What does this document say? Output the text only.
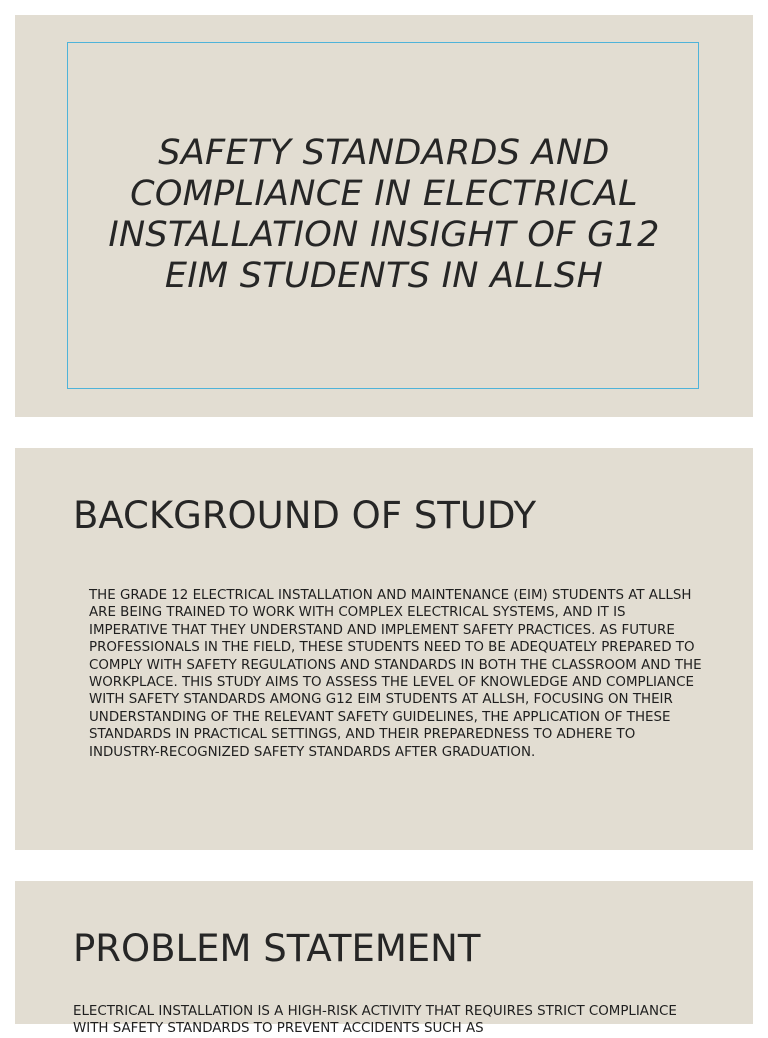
SAFETY STANDARDS AND COMPLIANCE IN ELECTRICAL INSTALLATION INSIGHT OF G12 EIM STUDENTS IN ALLSH
BACKGROUND OF STUDY

THE GRADE 12 ELECTRICAL INSTALLATION AND MAINTENANCE (EIM) STUDENTS AT ALLSH ARE BEING TRAINED TO WORK WITH COMPLEX ELECTRICAL SYSTEMS, AND IT IS IMPERATIVE THAT THEY UNDERSTAND AND IMPLEMENT SAFETY PRACTICES. AS FUTURE PROFESSIONALS IN THE FIELD, THESE STUDENTS NEED TO BE ADEQUATELY PREPARED TO COMPLY WITH SAFETY REGULATIONS AND STANDARDS IN BOTH THE CLASSROOM AND THE WORKPLACE. THIS STUDY AIMS TO ASSESS THE LEVEL OF KNOWLEDGE AND COMPLIANCE WITH SAFETY STANDARDS AMONG G12 EIM STUDENTS AT ALLSH, FOCUSING ON THEIR UNDERSTANDING OF THE RELEVANT SAFETY GUIDELINES, THE APPLICATION OF THESE STANDARDS IN PRACTICAL SETTINGS, AND THEIR PREPAREDNESS TO ADHERE TO INDUSTRY-RECOGNIZED SAFETY STANDARDS AFTER GRADUATION.

PROBLEM STATEMENT

ELECTRICAL INSTALLATION IS A HIGH-RISK ACTIVITY THAT REQUIRES STRICT COMPLIANCE WITH SAFETY STANDARDS TO PREVENT ACCIDENTS SUCH AS
